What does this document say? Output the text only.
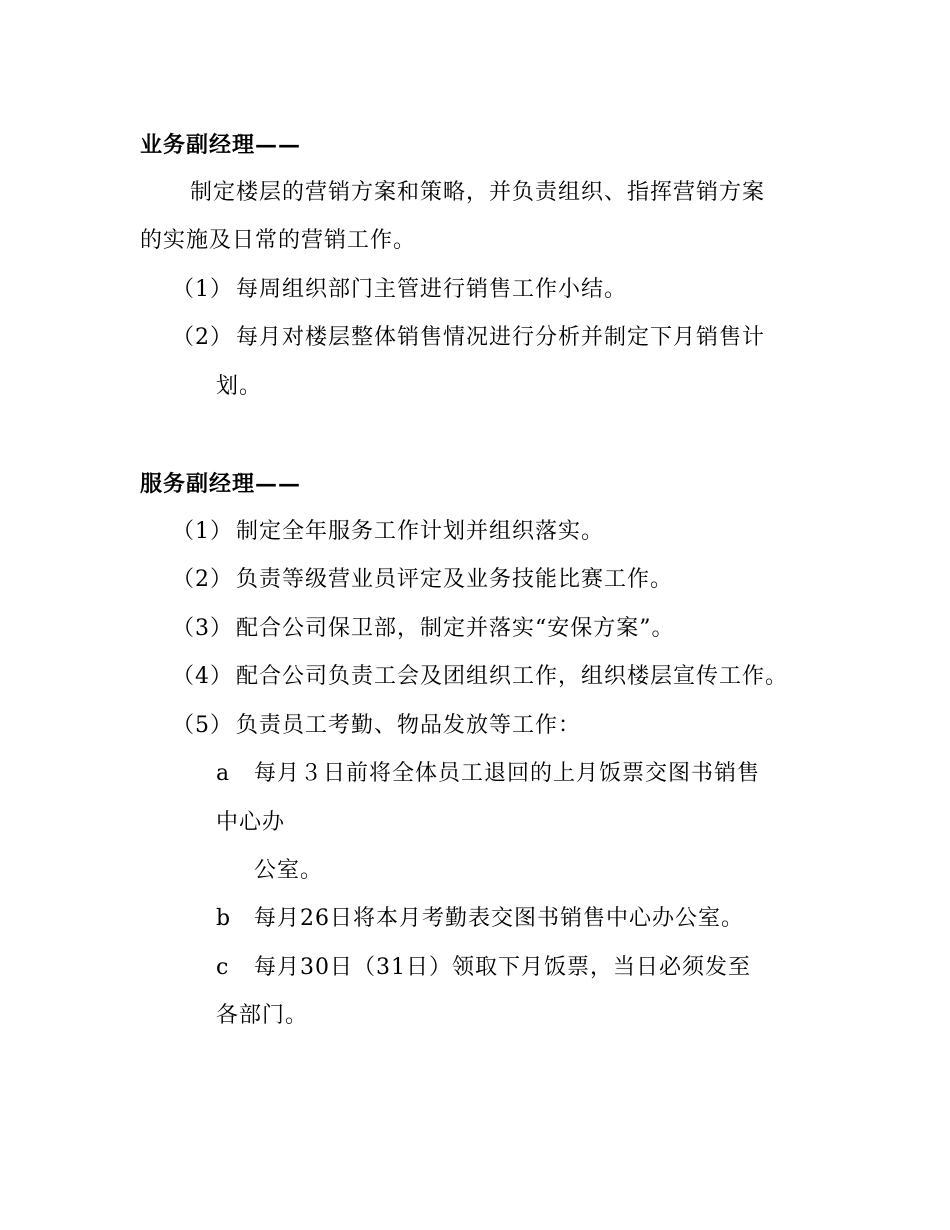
业务副经理——
制定楼层的营销方案和策略，并负责组织、指挥营销方案
的实施及日常的营销工作。
（1） 每周组织部门主管进行销售工作小结。
（2） 每月对楼层整体销售情况进行分析并制定下月销售计
划。
服务副经理——
（1） 制定全年服务工作计划并组织落实。
（2） 负责等级营业员评定及业务技能比赛工作。
（3） 配合公司保卫部，制定并落实“安保方案”。
（4） 配合公司负责工会及团组织工作，组织楼层宣传工作。
（5） 负责员工考勤、物品发放等工作：
a 每月３日前将全体员工退回的上月饭票交图书销售
中心办
公室。
b 每月26日将本月考勤表交图书销售中心办公室。
c 每月30日（31日）领取下月饭票，当日必须发至
各部门。
